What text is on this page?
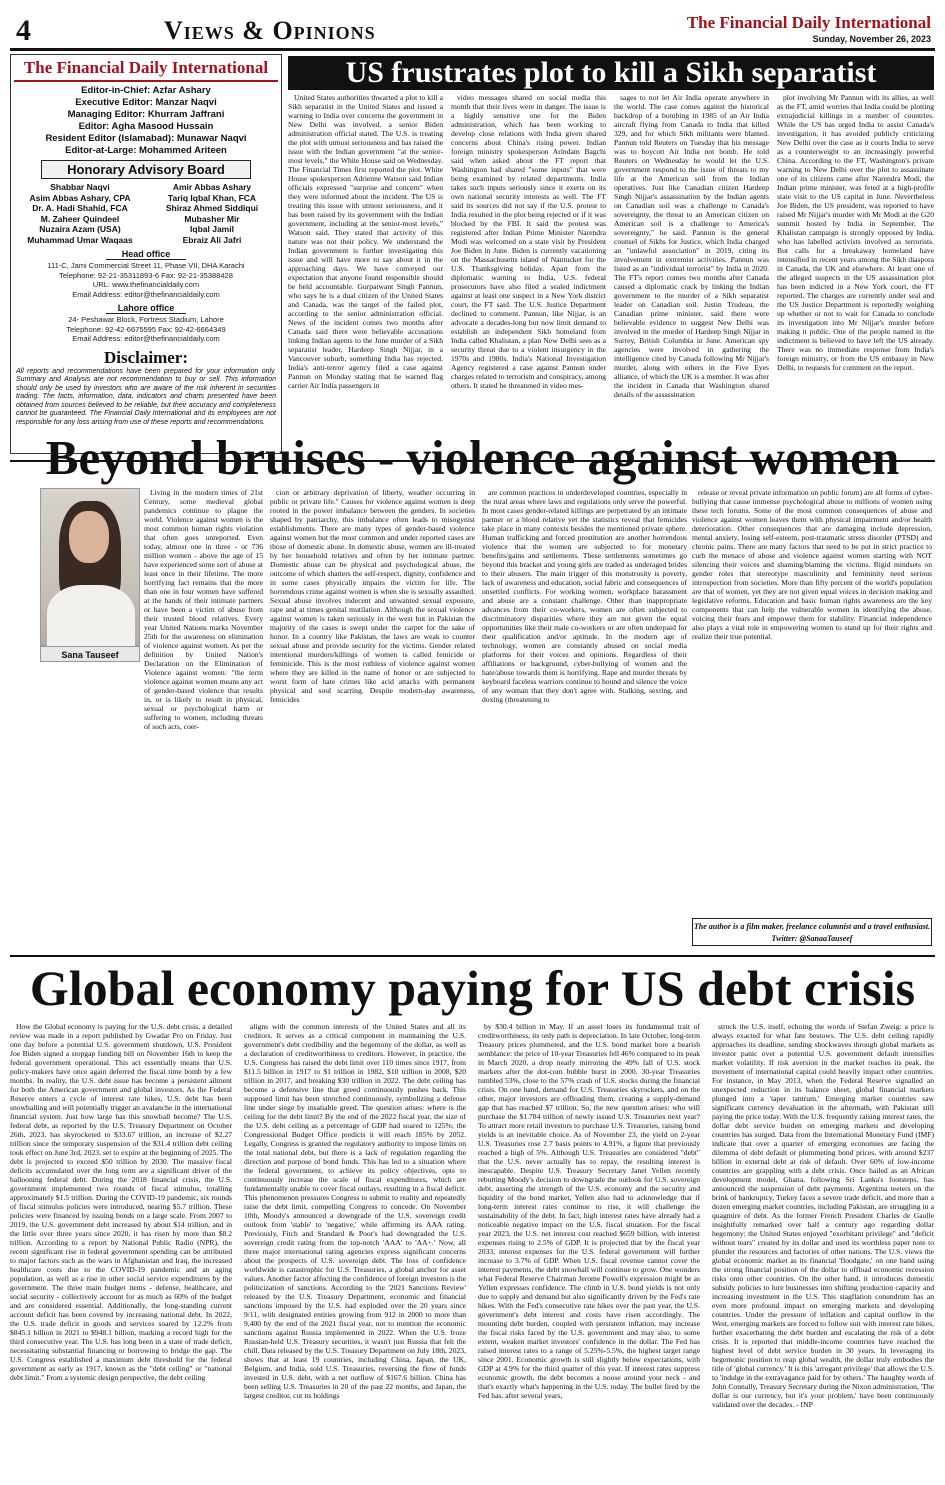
4	Views & Opinions	The Financial Daily International
Sunday, November 26, 2023
The Financial Daily International
Editor-in-Chief: Azfar Ashary
Executive Editor: Manzar Naqvi
Managing Editor: Khurram Jaffrani
Editor: Agha Masood Hussain
Resident Editor (Islamabad): Munawar Naqvi
Editor-at-Large: Mohammed Ariteen
Honorary Advisory Board
Shabbar Naqvi
Asim Abbas Ashary, CPA
Dr. A. Hadi Shahid, FCA
M. Zaheer Quindeel
Nuzaira Azam (USA)
Muhammad Umar Waqaas
Amir Abbas Ashary
Tariq Iqbal Khan, FCA
Shiraz Ahmed Siddiqui
Mubasher Mir
Iqbal Jamil
Ebraiz Ali Jafri
Head office
111-C, Jami Commercial Street 11, Phase VII, DHA Karachi
Telephone: 92-21-35311893-6 Fax: 92-21-35388428
URL: www.thefinancialdaily.com
Email Address: editor@thefinancialdaily.com
Lahore office
24- Peshawar Block, Fortress Stadium, Lahore
Telephone: 92-42-6675595 Fax: 92-42-6664349
Email Address: editor@thefinancialdaily.com
Disclaimer:
All reports and recommendations have been prepared for your information only. Summary and Analysis are not recommendation to buy or sell. This information should only be used by investors who are aware of the risk inherent in securities trading. The facts, information, data, indicators and charts presented have been obtained from sources believed to be reliable, but their accuracy and completeness cannot be guaranteed. The Financial Daily International and its employees are not responsible for any loss arising from use of these reports and recommendations.
US frustrates plot to kill a Sikh separatist

United States authorities thwarted a plot to kill a Sikh separatist in the United States and issued a warning to India over concerns the government in New Delhi was involved, a senior Biden administration official stated. The U.S. is treating the plot with utmost seriousness and has raised the issue with the Indian government "at the senior-most levels," the White House said on Wednesday. The Financial Times first reported the plot. White House spokesperson Adrienne Watson said Indian officials expressed "surprise and concern" when they were informed about the incident. The US is treating this issue with utmost seriousness, and it has been raised by its government with the Indian government, including at the senior-most levels," Watson said. They stated that activity of this nature was not their policy. We understand the Indian government is further investigating this issue and will have more to say about it in the approaching days. We have conveyed our expectation that anyone found responsible should be held accountable. Gurpatwant Singh Pannun, who says he is a dual citizen of the United States and Canada, was the target of the failed plot, according to the senior administration official. News of the incident comes two months after Canada said there were believable accusations linking Indian agents to the June murder of a Sikh separatist leader, Hardeep Singh Nijjar, in a Vancouver suburb, something India has rejected. India's anti-terror agency filed a case against Pannun on Monday stating that he warned flag carrier Air India passengers in

video messages shared on social media this month that their lives were in danger. The issue is a highly sensitive one for the Biden administration, which has been working to develop close relations with India given shared concerns about China's rising power. Indian foreign ministry spokesperson Arindam Bagchi said when asked about the FT report that Washington had shared "some inputs" that were being examined by related departments. India takes such inputs seriously since it exerts on its own national security interests as well. The FT said its sources did not say if the U.S. protest to India resulted in the plot being rejected or if it was blocked by the FBI. It said the protest was registered after Indian Prime Minister Narendra Modi was welcomed on a state visit by President Joe Biden in June. Biden is currently vacationing on the Massachusetts island of Nantucket for the U.S. Thanksgiving holiday. Apart from the diplomatic warning to India, U.S. federal prosecutors have also filed a sealed indictment against at least one suspect in a New York district court, the FT said. The U.S. Justice Department declined to comment. Pannun, like Nijjar, is an advocate a decades-long but now limit demand to establish an independent Sikh homeland from India called Khalistan, a plan New Delhi sees as a security threat due to a violent insurgency in the 1970s and 1980s. India's National Investigation Agency registered a case against Pannun under charges related to terrorism and conspiracy, among others. It stated he threatened in video mes-

sages to not let Air India operate anywhere in the world. The case comes against the historical backdrop of a bombing in 1985 of an Air India aircraft flying from Canada to India that killed 329, and for which Sikh militants were blamed. Pannun told Reuters on Tuesday that his message was to boycott Air India not bomb. He told Reuters on Wednesday he would let the U.S. government respond to the issue of threats to my life at the American soil from the Indian operatives. Just like Canadian citizen Hardeep Singh Nijjar's assassination by the Indian agents on Canadian soil was a challenge to Canada's sovereignty, the threat to an American citizen on American soil is a challenge to America's sovereignty," he said. Pannun is the general counsel of Sikhs for Justice, which India charged an "unlawful association" in 2019, citing its involvement in extremist activities. Pannun was listed as an "individual terrorist" by India in 2020. The FT's report comes two months after Canada caused a diplomatic crack by linking the Indian government to the murder of a Sikh separatist leader on Canadian soil. Justin Trudeau, the Canadian prime minister, said there were believable evidence to suggest New Delhi was involved in the murder of Hardeep Singh Nijjar in Surrey, British Columbia in June. American spy agencies were involved in gathering the intelligence cited by Canada following Mr Nijjar's murder, along with others in the Five Eyes alliance, of which the UK is a member. It was after the incident in Canada that Washington shared details of the assassination

plot involving Mr Pannun with its allies, as well as the FT, amid worries that India could be plotting extrajudicial killings in a number of countries. While the US has urged India to assist Canada's investigation, it has avoided publicly criticizing New Delhi over the case as it courts India to serve as a counterweight to an increasingly powerful China. According to the FT, Washington's private warning to New Delhi over the plot to assassinate one of its citizens came after Narendra Modi, the Indian prime minister, was feted at a high-profile state visit to the US capital in June. Nevertheless Joe Biden, the US president, was reported to have raised Mr Nijjar's murder with Mr Modi at the G20 summit hosted by India in September. The Khalistan campaign is strongly opposed by India, who has labelled activists involved as terrorists. But calls for a breakaway homeland have intensified in recent years among the Sikh diaspora in Canada, the UK and elsewhere. At least one of the alleged suspects in the US assassination plot has been indicted in a New York court, the FT reported. The charges are currently under seal and the US Justice Department is reportedly weighing up whether or not to wait for Canada to conclude its investigation into Mr Nijjar's murder before making it public. One of the people named in the indictment is believed to have left the US already. There was no immediate response from India's foreign ministry, or from the US embassy in New Delhi, to requests for comment on the report.

Beyond bruises - violence against women
Sana Tauseef

Living in the modern times of 21st Century, some medieval global pandemics continue to plague the world. Violence against women is the most common human rights violation that often goes unreported. Even today, almost one in three - or 736 million women - above the age of 15 have experienced some sort of abuse at least once in their lifetime. The more horrifying fact remains that the more than one in four women have suffered at the hands of their intimate partners or have been a victim of abuse from their trusted blood relatives. Every year United Nations marks November 25th for the awareness on elimination of violence against women. As per the definition by United Nation's Declaration on the Elimination of Violence against women: "the term violence against women means any act of gender-based violence that results in, or is likely to result in physical, sexual or psychological harm or suffering to women, including threats of such acts, coer-

cion or arbitrary deprivation of liberty, weather occurring in public or private life." Causes for violence against women is deep rooted in the power imbalance between the genders. In societies shaped by patriarchy, this imbalance often leads to misogynist establishments. There are many types of gender-based violence against women but the most common and under reported cases are those of domestic abuse. In domestic abuse, women are ill-treated by her household relatives and often by her intimate partner. Domestic abuse can be physical and psychological abuse, the outcome of which shatters the self-respect, dignity, confidence and in some cases physically impairs the victim for life. The horrendous crime against women is when she is sexually assaulted. Sexual abuse involves indecent and unwanted sexual exposure, rape and at times genital mutilation. Although the sexual violence against women is taken seriously in the west but in Pakistan the majority of the cases is swept under the carpet for the sake of honor. In a country like Pakistan, the laws are weak to counter sexual abuse and provide security for the victims. Gender related intentional murders/killings of women is called femicide or feminicide. This is the most ruthless of violence against women where they are killed in the name of honor or are subjected to worst form of hate crimes like acid attacks with permanent physical and soul scarring. Despite modern-day awareness, femicides

are common practices in underdeveloped countries, especially in the rural areas where laws and regulations only serve the powerful. In most cases gender-related killings are perpetrated by an intimate partner or a blood relative yet the statistics reveal that femicides take place in many contexts besides the mentioned private sphere. Human trafficking and forced prostitution are another horrendous violence that the women are subjected to for monetary benefits/gains and settlements. These settlements sometimes go beyond this bracket and young girls are traded as underaged brides to their abusers. The main trigger of this monstrosity is poverty, lack of awareness and education, social fabric and consequences of unsettled conflicts. For working women, workplace harassment and abuse are a constant challenge. Other than inappropriate advances from their co-workers, women are often subjected to discriminatory disparities where they are not given the equal opportunities like their male co-workers or are often underpaid for their qualification and/or aptitude. In the modern age of technology, women are constantly abused on social media platforms for their voices and opinions. Regardless of their affiliations or background, cyber-bullying of women and the hate/abuse towards them is horrifying. Rape and murder threats by keyboard faceless warriors continue to hound and silence the voice of any woman that they don't agree with. Stalking, sexting, and doxing (threatening to

release or reveal private information on public forum) are all forms of cyber-bullying that cause immense psychological abuse to millions of women using these tech forums. Some of the most common consequences of abuse and violence against women leaves them with physical impairment and/or health deterioration. Other consequences that are damaging include depression, mental anxiety, losing self-esteem, post-traumatic stress disorder (PTSD) and chronic pains. There are many factors that need to be put in strict practice to curb the menace of abuse and violence against women starting with NOT silencing their voices and shaming/blaming the victims. Rigid mindsets on gender roles that stereotype masculinity and femininity need serious introspection from societies. More than fifty percent of the world's population are that of women, yet they are not given equal voices in decision making and legislative reforms. Education and basic human rights awareness are the key components that can help the vulnerable women in identifying the abuse, voicing their fears and empower them for stability. Financial independence also plays a vital role in empowering women to stand up for their rights and realize their true potential.

The author is a film maker, freelance columnist and a travel enthusiast. Twitter: @SanaaTauseef
Global economy paying for US debt crisis

How the Global economy is paying for the U.S. debt crisis, a detailed review was made in a report published by Gwadar Pro on Friday. Just one day before a potential U.S. government shutdown, U.S. President Joe Biden signed a stopgap funding bill on November 16th to keep the federal government operational. This act essentially means that U.S. policy-makers have once again deferred the fiscal time bomb by a few months. In reality, the U.S. debt issue has become a persistent ailment for both the American government and global investors. As the Federal Reserve enters a cycle of interest rate hikes, U.S. debt has been snowballing and will potentially trigger an avalanche in the international financial system. Just how large has this snowball become? The U.S. federal debt, as reported by the U.S. Treasury Department on October 26th, 2023, has skyrocketed to $33.67 trillion, an increase of $2.27 trillion since the temporary suspension of the $31.4 trillion debt ceiling took effect on June 3rd, 2023, set to expire at the beginning of 2025. The debt is projected to exceed $50 trillion by 2030. The massive fiscal deficits accumulated over the long term are a significant driver of the ballooning federal debt. During the 2018 financial crisis, the U.S. government implemented two rounds of fiscal stimulus, totalling approximately $1.5 trillion. During the COVID-19 pandemic, six rounds of fiscal stimulus policies were introduced, nearing $5.7 trillion. These policies were financed by issuing bonds on a large scale. From 2007 to 2019, the U.S. government debt increased by about $14 trillion, and in the little over three years since 2020, it has risen by more than $8.2 trillion. According to a report by National Public Radio (NPR), the recent significant rise in federal government spending can be attributed to major factors such as the wars in Afghanistan and Iraq, the increased healthcare costs due to the COVID-19 pandemic and an aging population, as well as a rise in other social service expenditures by the government. The three main budget items - defense, healthcare, and social security - collectively account for as much as 60% of the budget and are considered essential. Additionally, the long-standing current account deficit has been covered by increasing national debt. In 2022, the U.S. trade deficit in goods and services soared by 12.2% from $845.1 billion in 2021 to $948.1 billion, marking a record high for the third consecutive year. The U.S. has long been in a state of trade deficit, necessitating substantial financing or borrowing to bridge the gap. The U.S. Congress established a maximum debt threshold for the federal government as early as 1917, known as the "debt ceiling" or "national debt limit." From a systemic design perspective, the debt ceiling

aligns with the common interests of the United States and all its creditors. It serves as a critical component in maintaining the U.S. government's debt credibility and the hegemony of the dollar, as well as a declaration of creditworthiness to creditors. However, in practice, the U.S. Congress has raised the debt limit over 110 times since 1917, from $11.5 billion in 1917 to $1 trillion in 1982, $10 trillion in 2008, $20 trillion in 2017, and breaking $30 trillion in 2022. The debt ceiling has become a defensive line that greed continuously pushes back. This supposed limit has been stretched continuously, symbolizing a defense line under siege by insatiable greed. The question arises: where is the ceiling for the debt limit? By the end of the 2022 fiscal year, the size of the U.S. debt ceiling as a percentage of GDP had soared to 125%; the Congressional Budget Office predicts it will reach 185% by 2052. Legally, Congress is granted the regulatory authority to impose limits on the total national debt, but there is a lack of regulation regarding the direction and purpose of bond funds. This has led to a situation where the federal government, to achieve its policy objectives, opts to continuously increase the scale of fiscal expenditures, which are fundamentally unable to cover fiscal outlays, resulting in a fiscal deficit. This phenomenon pressures Congress to submit to reality and repeatedly raise the debt limit, compelling Congress to concede. On November 10th, Moody's announced a downgrade of the U.S. sovereign credit outlook from 'stable' to 'negative,' while affirming its AAA rating. Previously, Fitch and Standard & Poor's had downgraded the U.S. sovereign credit rating from the top-notch 'AAA' to 'AA+.' Now, all three major international rating agencies express significant concerns about the prospects of U.S. sovereign debt. The loss of confidence worldwide is catastrophic for U.S. Treasuries, a global anchor for asset values. Another factor affecting the confidence of foreign investors is the politicization of sanctions. According to the '2021 Sanctions Review' released by the U.S. Treasury Department, economic and financial sanctions imposed by the U.S. had exploded over the 20 years since 9/11, with designated entities growing from 912 in 2000 to more than 9,400 by the end of the 2021 fiscal year, not to mention the economic sanctions against Russia implemented in 2022. When the U.S. froze Russian-held U.S. Treasury securities, it wasn't just Russia that felt the chill. Data released by the U.S. Treasury Department on July 18th, 2023, shows that at least 19 countries, including China, Japan, the UK, Belgium, and India, sold U.S. Treasuries, reversing the flow of funds invested in U.S. debt, with a net outflow of $167.6 billion. China has been selling U.S. Treasuries in 20 of the past 22 months, and Japan, the largest creditor, cut its holdings

by $30.4 billion in May. If an asset loses its fundamental trait of creditworthiness, its only path is depreciation. In late October, long-term Treasury prices plummeted, and the U.S. bond market bore a bearish semblance: the price of 10-year Treasuries fell 46% compared to its peak in March 2020, a drop nearly mirroring the 49% fall of U.S. stock markets after the dot-com bubble burst in 2000. 30-year Treasuries tumbled 53%, close to the 57% crash of U.S. stocks during the financial crisis. On one hand, demand for U.S. Treasuries skyrockets, and on the other, major investors are offloading them, creating a supply-demand gap that has reached $7 trillion. So, the new question arises: who will purchase the $1.784 trillion of newly issued U.S. Treasuries next year? To attract more retail investors to purchase U.S. Treasuries, raising bond yields is an inevitable choice. As of November 23, the yield on 2-year U.S. Treasuries rose 2.7 basis points to 4.91%, a figure that previously reached a high of 5%. Although U.S. Treasuries are considered "debt" that the U.S. never actually has to repay, the resulting interest is inescapable. Despite U.S. Treasury Secretary Janet Yellen recently rebutting Moody's decision to downgrade the outlook for U.S. sovereign debt, asserting the strength of the U.S. economy and the security and liquidity of the bond market, Yellen also had to acknowledge that if long-term interest rates continue to rise, it will challenge the sustainability of the debt. In fact, high interest rates have already had a noticeable negative impact on the U.S. fiscal situation. For the fiscal year 2023, the U.S. net interest cost reached $659 billion, with interest expenses rising to 2.5% of GDP. It is projected that by the fiscal year 2033, interest expenses for the U.S. federal government will further increase to 3.7% of GDP. When U.S. fiscal revenue cannot cover the interest payments, the debt snowball will continue to grow. One wonders what Federal Reserve Chairman Jerome Powell's expression might be as Yellen expresses confidence. The climb in U.S. bond yields is not only due to supply and demand but also significantly driven by the Fed's rate hikes. With the Fed's consecutive rate hikes over the past year, the U.S. government's debt interest and costs have risen accordingly. The mounting debt burden, coupled with persistent inflation, may increase the fiscal risks faced by the U.S. government and may also, to some extent, weaken market investors' confidence in the dollar. The Fed has raised interest rates to a range of 5.25%-5.5%, the highest target range since 2001. Economic growth is still slightly below expectations, with GDP at 4.9% for the third quarter of this year. If interest rates suppress economic growth, the debt becomes a noose around your neck - and that's exactly what's happening in the U.S. today. The bullet fired by the Fed has, after several years,

struck the U.S. itself, echoing the words of Stefan Zweig: a price is always exacted for what fate bestows. The U.S. debt ceiling rapidly approaches its deadline, sending shockwaves through global markets as investor panic over a potential U.S. government default intensifies market volatility. If risk aversion in the market reaches its peak, the movement of international capital could heavily impact other countries. For instance, in May 2013, when the Federal Reserve signalled an unexpected reduction in its balance sheet, global financial markets plunged into a 'taper tantrum.' Emerging market countries saw significant currency devaluation in the aftermath, with Pakistan still paying the price today. With the U.S. frequently raising interest rates, the dollar debt service burden on emerging markets and developing countries has surged. Data from the International Monetary Fund (IMF) indicate that over a quarter of emerging economies are facing the dilemma of debt default or plummeting bond prices, with around $237 billion in external debt at risk of default. Over 60% of low-income countries are grappling with a debt crisis. Once hailed as an African development model, Ghana, following Sri Lanka's footsteps, has announced the suspension of debt payments. Argentina teeters on the brink of bankruptcy, Turkey faces a severe trade deficit, and more than a dozen emerging market countries, including Pakistan, are struggling in a quagmire of debt. As the former French President Charles de Gaulle insightfully remarked over half a century ago regarding dollar hegemony: the United States enjoyed "exorbitant privilege" and "deficit without tears" created by its dollar and used its worthless paper note to plunder the resources and factories of other nations. The U.S. views the global economic market as its financial 'floodgate,' on one hand using the strong financial position of the dollar to offload economic recession risks onto other countries. On the other hand, it introduces domestic subsidy policies to lure businesses into shifting production capacity and increasing investment in the U.S. This stagflation conundrum has an even more profound impact on emerging markets and developing countries. Under the pressure of inflation and capital outflow in the West, emerging markets are forced to follow suit with interest rate hikes, further exacerbating the debt burden and escalating the risk of a debt crisis. It is reported that middle-income countries have reached the highest level of debt service burden in 30 years. In leveraging its hegemonic position to reap global wealth, the dollar truly embodies the title of 'global currency.' It is this 'arrogant privilege' that allows the U.S. to 'indulge in the extravagance paid for by others.' The haughty words of John Connally, Treasury Secretary during the Nixon administration, 'The dollar is our currency, but it's your problem,' have been continuously validated over the decades. - INP
